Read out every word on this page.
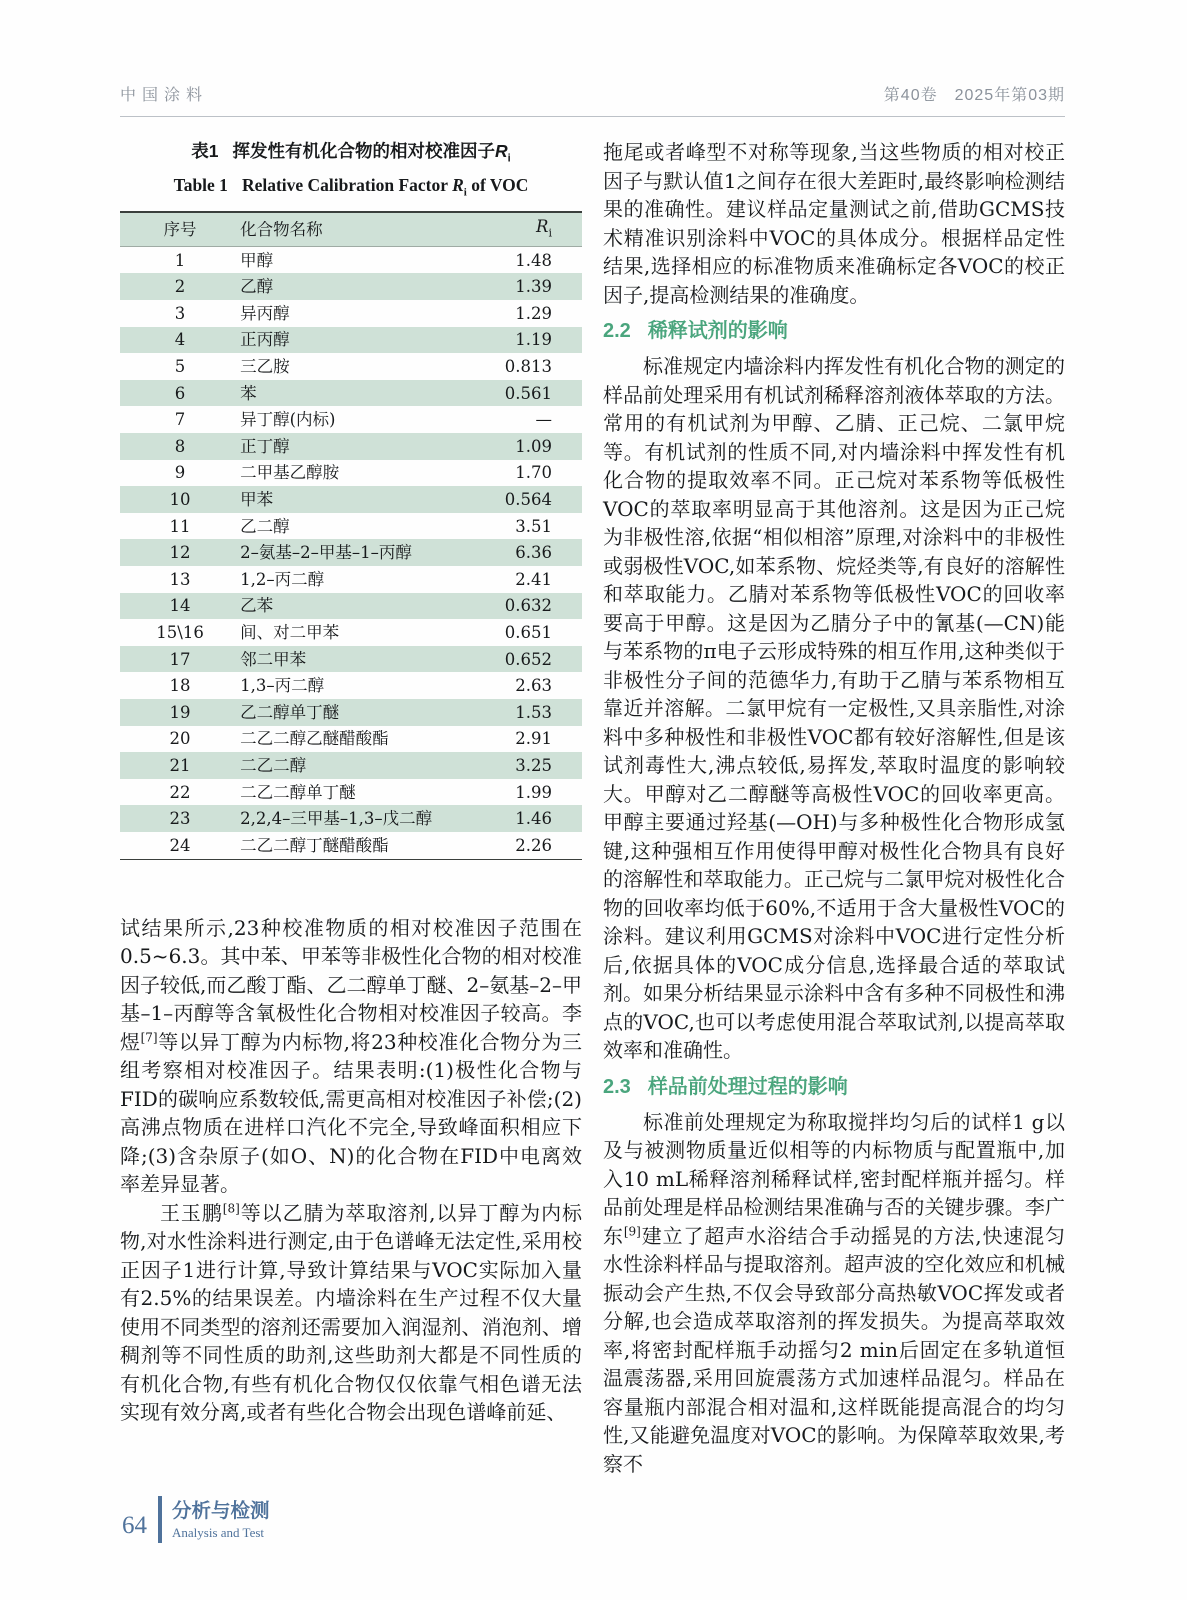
中国涂料	第40卷　2025年第03期
表1 挥发性有机化合物的相对校准因子$R_i$
Table 1 Relative Calibration Factor $R_i$ of VOC
序号	化合物名称	$R_i$
1	甲醇	1.48
2	乙醇	1.39
3	异丙醇	1.29
4	正丙醇	1.19
5	三乙胺	0.813
6	苯	0.561
7	异丁醇(内标)	—
8	正丁醇	1.09
9	二甲基乙醇胺	1.70
10	甲苯	0.564
11	乙二醇	3.51
12	2–氨基–2–甲基–1–丙醇	6.36
13	1,2–丙二醇	2.41
14	乙苯	0.632
15\16	间、对二甲苯	0.651
17	邻二甲苯	0.652
18	1,3–丙二醇	2.63
19	乙二醇单丁醚	1.53
20	二乙二醇乙醚醋酸酯	2.91
21	二乙二醇	3.25
22	二乙二醇单丁醚	1.99
23	2,2,4–三甲基–1,3–戊二醇	1.46
24	二乙二醇丁醚醋酸酯	2.26

试结果所示,23种校准物质的相对校准因子范围在0.5~6.3。其中苯、甲苯等非极性化合物的相对校准因子较低,而乙酸丁酯、乙二醇单丁醚、2–氨基–2–甲基–1–丙醇等含氧极性化合物相对校准因子较高。李煜[7]等以异丁醇为内标物,将23种校准化合物分为三组考察相对校准因子。结果表明:(1)极性化合物与FID的碳响应系数较低,需更高相对校准因子补偿;(2)高沸点物质在进样口汽化不完全,导致峰面积相应下降;(3)含杂原子(如O、N)的化合物在FID中电离效率差异显著。

王玉鹏[8]等以乙腈为萃取溶剂,以异丁醇为内标物,对水性涂料进行测定,由于色谱峰无法定性,采用校正因子1进行计算,导致计算结果与VOC实际加入量有2.5%的结果误差。内墙涂料在生产过程不仅大量使用不同类型的溶剂还需要加入润湿剂、消泡剂、增稠剂等不同性质的助剂,这些助剂大都是不同性质的有机化合物,有些有机化合物仅仅依靠气相色谱无法实现有效分离,或者有些化合物会出现色谱峰前延、

拖尾或者峰型不对称等现象,当这些物质的相对校正因子与默认值1之间存在很大差距时,最终影响检测结果的准确性。建议样品定量测试之前,借助GCMS技术精准识别涂料中VOC的具体成分。根据样品定性结果,选择相应的标准物质来准确标定各VOC的校正因子,提高检测结果的准确度。

2.2 稀释试剂的影响

标准规定内墙涂料内挥发性有机化合物的测定的样品前处理采用有机试剂稀释溶剂液体萃取的方法。常用的有机试剂为甲醇、乙腈、正己烷、二氯甲烷等。有机试剂的性质不同,对内墙涂料中挥发性有机化合物的提取效率不同。正己烷对苯系物等低极性VOC的萃取率明显高于其他溶剂。这是因为正己烷为非极性溶,依据“相似相溶”原理,对涂料中的非极性或弱极性VOC,如苯系物、烷烃类等,有良好的溶解性和萃取能力。乙腈对苯系物等低极性VOC的回收率要高于甲醇。这是因为乙腈分子中的氰基(—CN)能与苯系物的π电子云形成特殊的相互作用,这种类似于非极性分子间的范德华力,有助于乙腈与苯系物相互靠近并溶解。二氯甲烷有一定极性,又具亲脂性,对涂料中多种极性和非极性VOC都有较好溶解性,但是该试剂毒性大,沸点较低,易挥发,萃取时温度的影响较大。甲醇对乙二醇醚等高极性VOC的回收率更高。甲醇主要通过羟基(—OH)与多种极性化合物形成氢键,这种强相互作用使得甲醇对极性化合物具有良好的溶解性和萃取能力。正己烷与二氯甲烷对极性化合物的回收率均低于60%,不适用于含大量极性VOC的涂料。建议利用GCMS对涂料中VOC进行定性分析后,依据具体的VOC成分信息,选择最合适的萃取试剂。如果分析结果显示涂料中含有多种不同极性和沸点的VOC,也可以考虑使用混合萃取试剂,以提高萃取效率和准确性。

2.3 样品前处理过程的影响

标准前处理规定为称取搅拌均匀后的试样1 g以及与被测物质量近似相等的内标物质与配置瓶中,加入10 mL稀释溶剂稀释试样,密封配样瓶并摇匀。样品前处理是样品检测结果准确与否的关键步骤。李广东[9]建立了超声水浴结合手动摇晃的方法,快速混匀水性涂料样品与提取溶剂。超声波的空化效应和机械振动会产生热,不仅会导致部分高热敏VOC挥发或者分解,也会造成萃取溶剂的挥发损失。为提高萃取效率,将密封配样瓶手动摇匀2 min后固定在多轨道恒温震荡器,采用回旋震荡方式加速样品混匀。样品在容量瓶内部混合相对温和,这样既能提高混合的均匀性,又能避免温度对VOC的影响。为保障萃取效果,考察不

64
分析与检测
Analysis and Test
